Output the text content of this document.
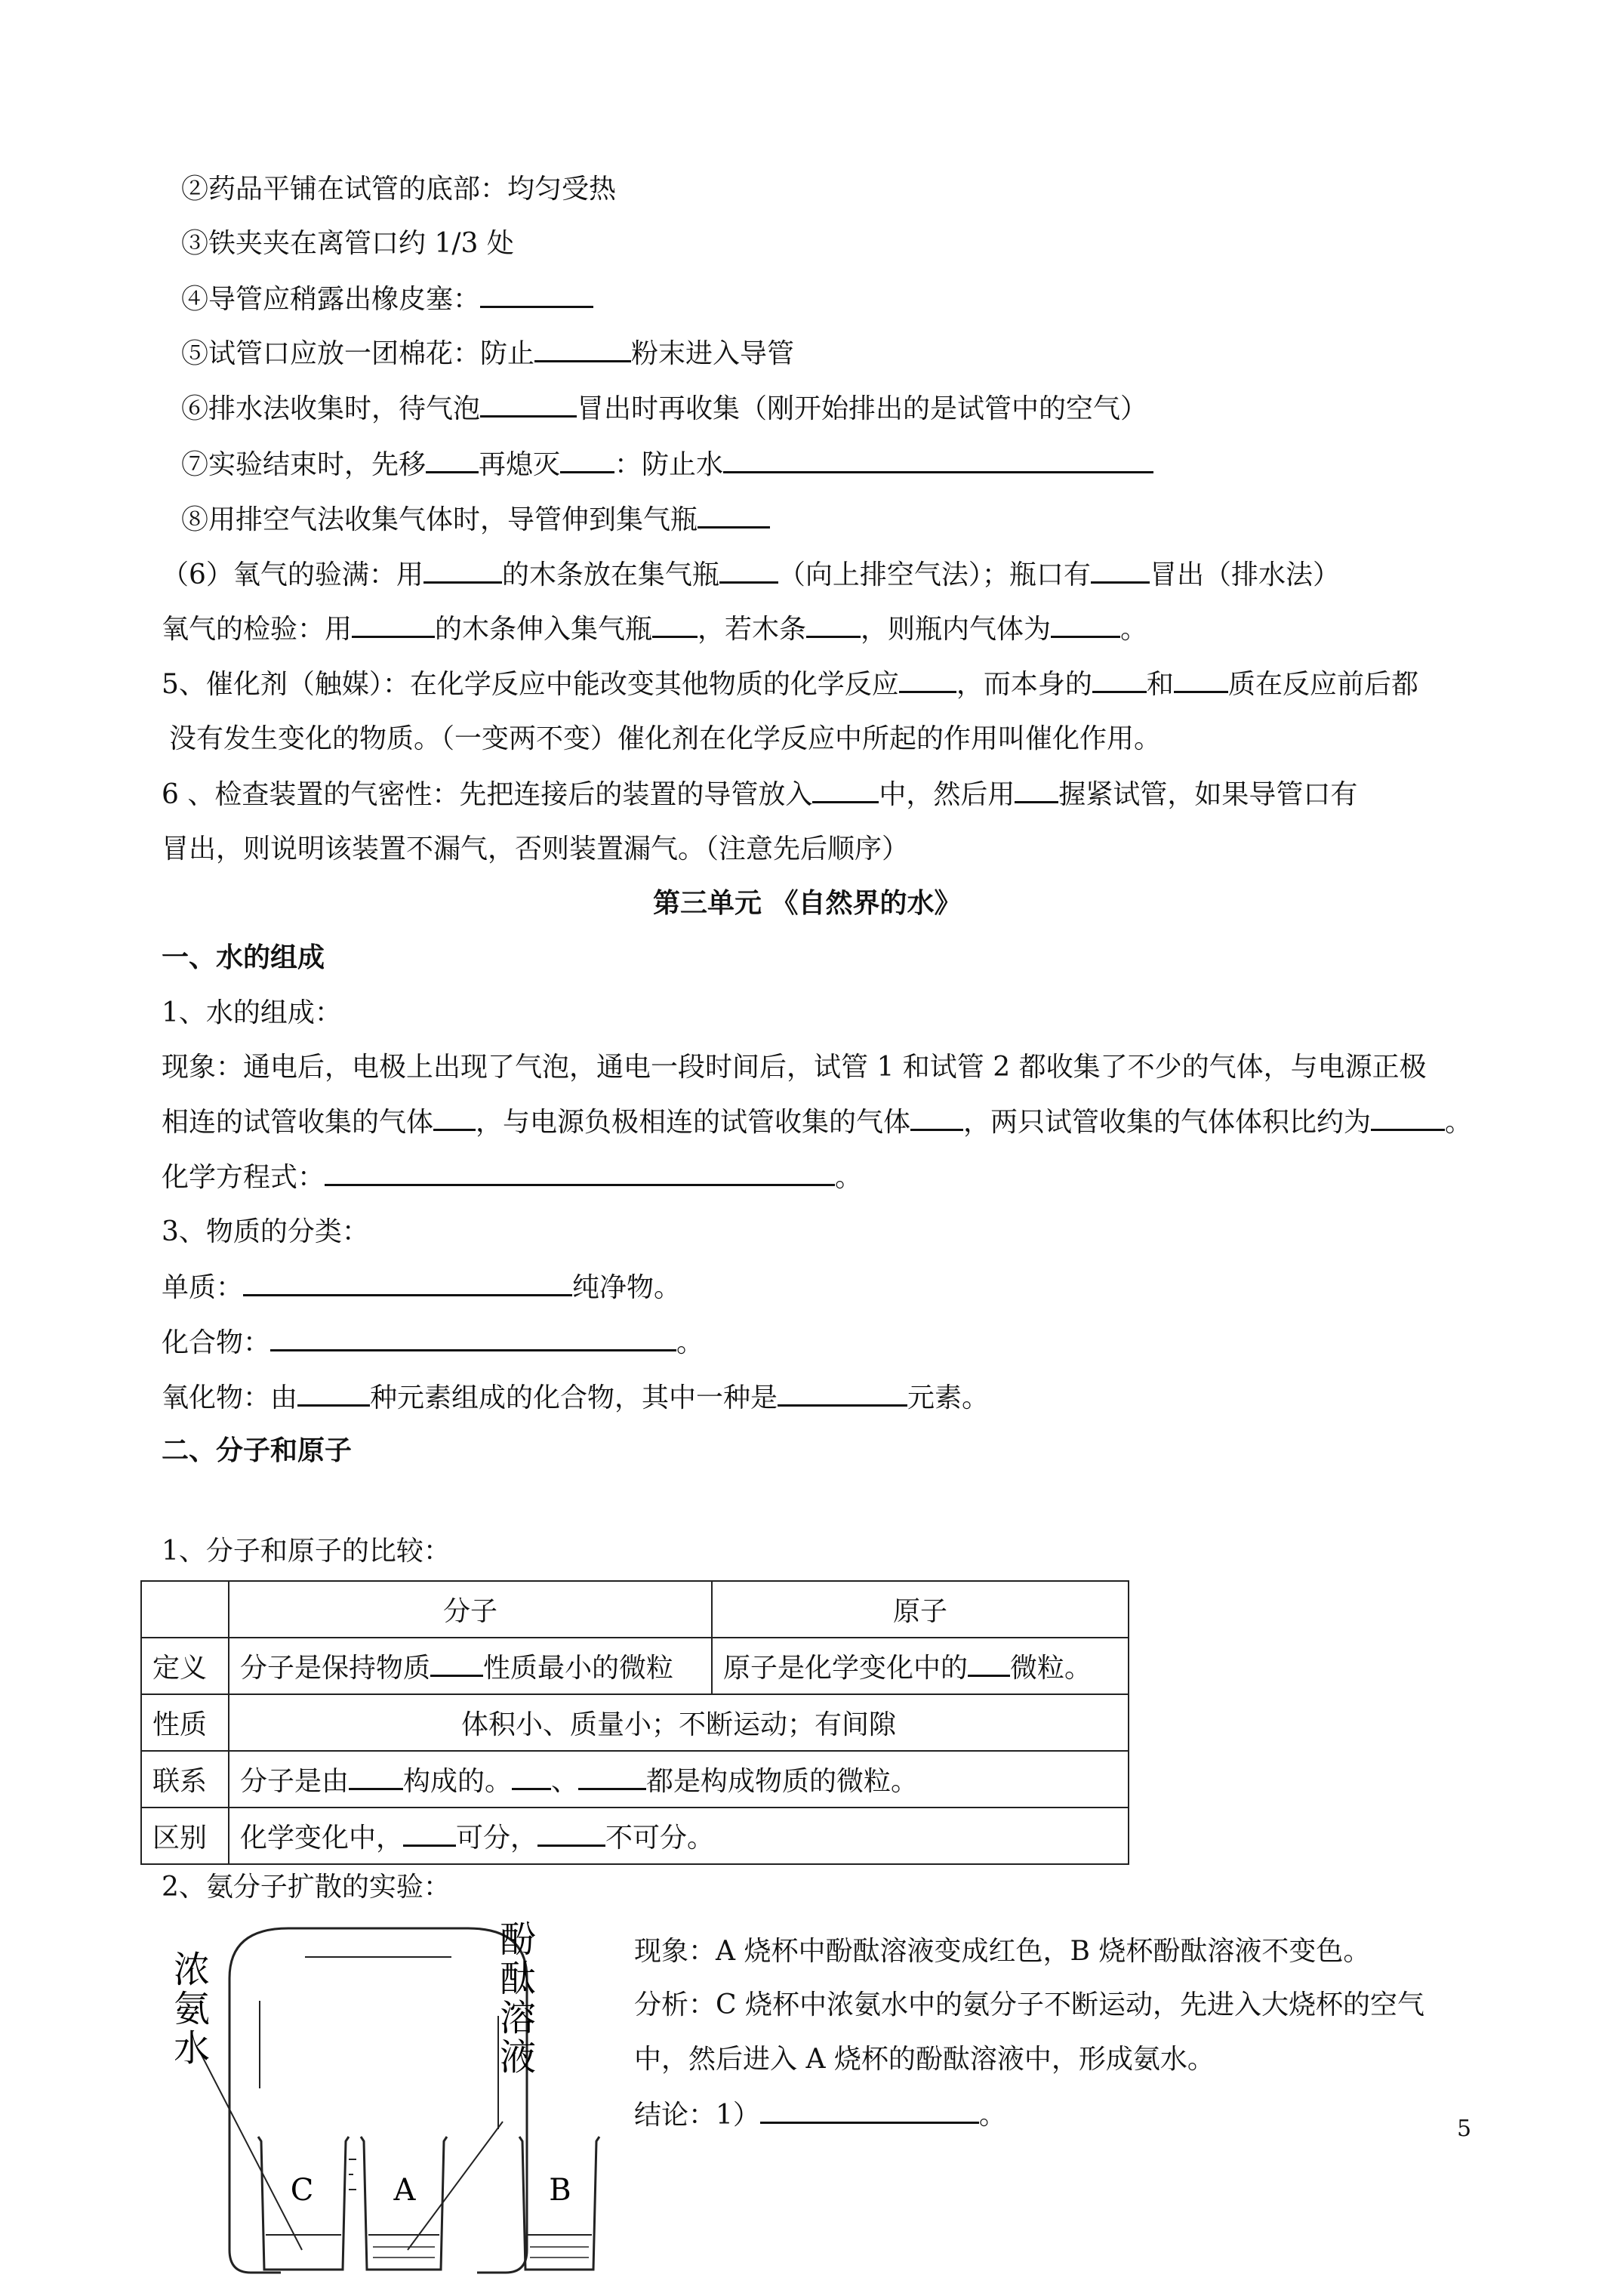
②药品平铺在试管的底部：均匀受热
③铁夹夹在离管口约 1/3 处
④导管应稍露出橡皮塞：
⑤试管口应放一团棉花：防止	粉末进入导管
⑥排水法收集时，待气泡	冒出时再收集（刚开始排出的是试管中的空气）
⑦实验结束时，先移 再熄灭 ：防止水
⑧用排空气法收集气体时，导管伸到集气瓶
（6）氧气的验满：用	的木条放在集气瓶 （向上排空气法）；瓶口有 冒出（排水法）
氧气的检验：用	的木条伸入集气瓶 ，若木条 ，则瓶内气体为	。
5、催化剂（触媒）：在化学反应中能改变其他物质的化学反应 ，而本身的 和 质在反应前后都
没有发生变化的物质。（一变两不变）催化剂在化学反应中所起的作用叫催化作用。
6 、检查装置的气密性：先把连接后的装置的导管放入 中，然后用 握紧试管，如果导管口有
冒出，则说明该装置不漏气，否则装置漏气。（注意先后顺序）
第三单元 《自然界的水》
一、水的组成
1、水的组成：
现象：通电后，电极上出现了气泡，通电一段时间后，试管 1 和试管 2 都收集了不少的气体，与电源正极
相连的试管收集的气体 ，与电源负极相连的试管收集的气体 ，两只试管收集的气体体积比约为	。
化学方程式：	。
3、物质的分类：
单质：	纯净物。
化合物：	。
氧化物：由	种元素组成的化合物，其中一种是	元素。
二、分子和原子
1、分子和原子的比较：
	分子	原子
定义	分子是保持物质 性质最小的微粒	原子是化学变化中的 微粒。
性质	体积小、质量小；不断运动；有间隙	
联系	分子是由 构成的。 、 都是构成物质的微粒。	
区别	化学变化中， 可分， 不可分。	
2、氨分子扩散的实验：
现象：A 烧杯中酚酞溶液变成红色，B 烧杯酚酞溶液不变色。
分析：C 烧杯中浓氨水中的氨分子不断运动，先进入大烧杯的空气
中，然后进入 A 烧杯的酚酞溶液中，形成氨水。
结论：1）	。
浓 氨 水
酚 酞 溶 液
C	A	B
5
